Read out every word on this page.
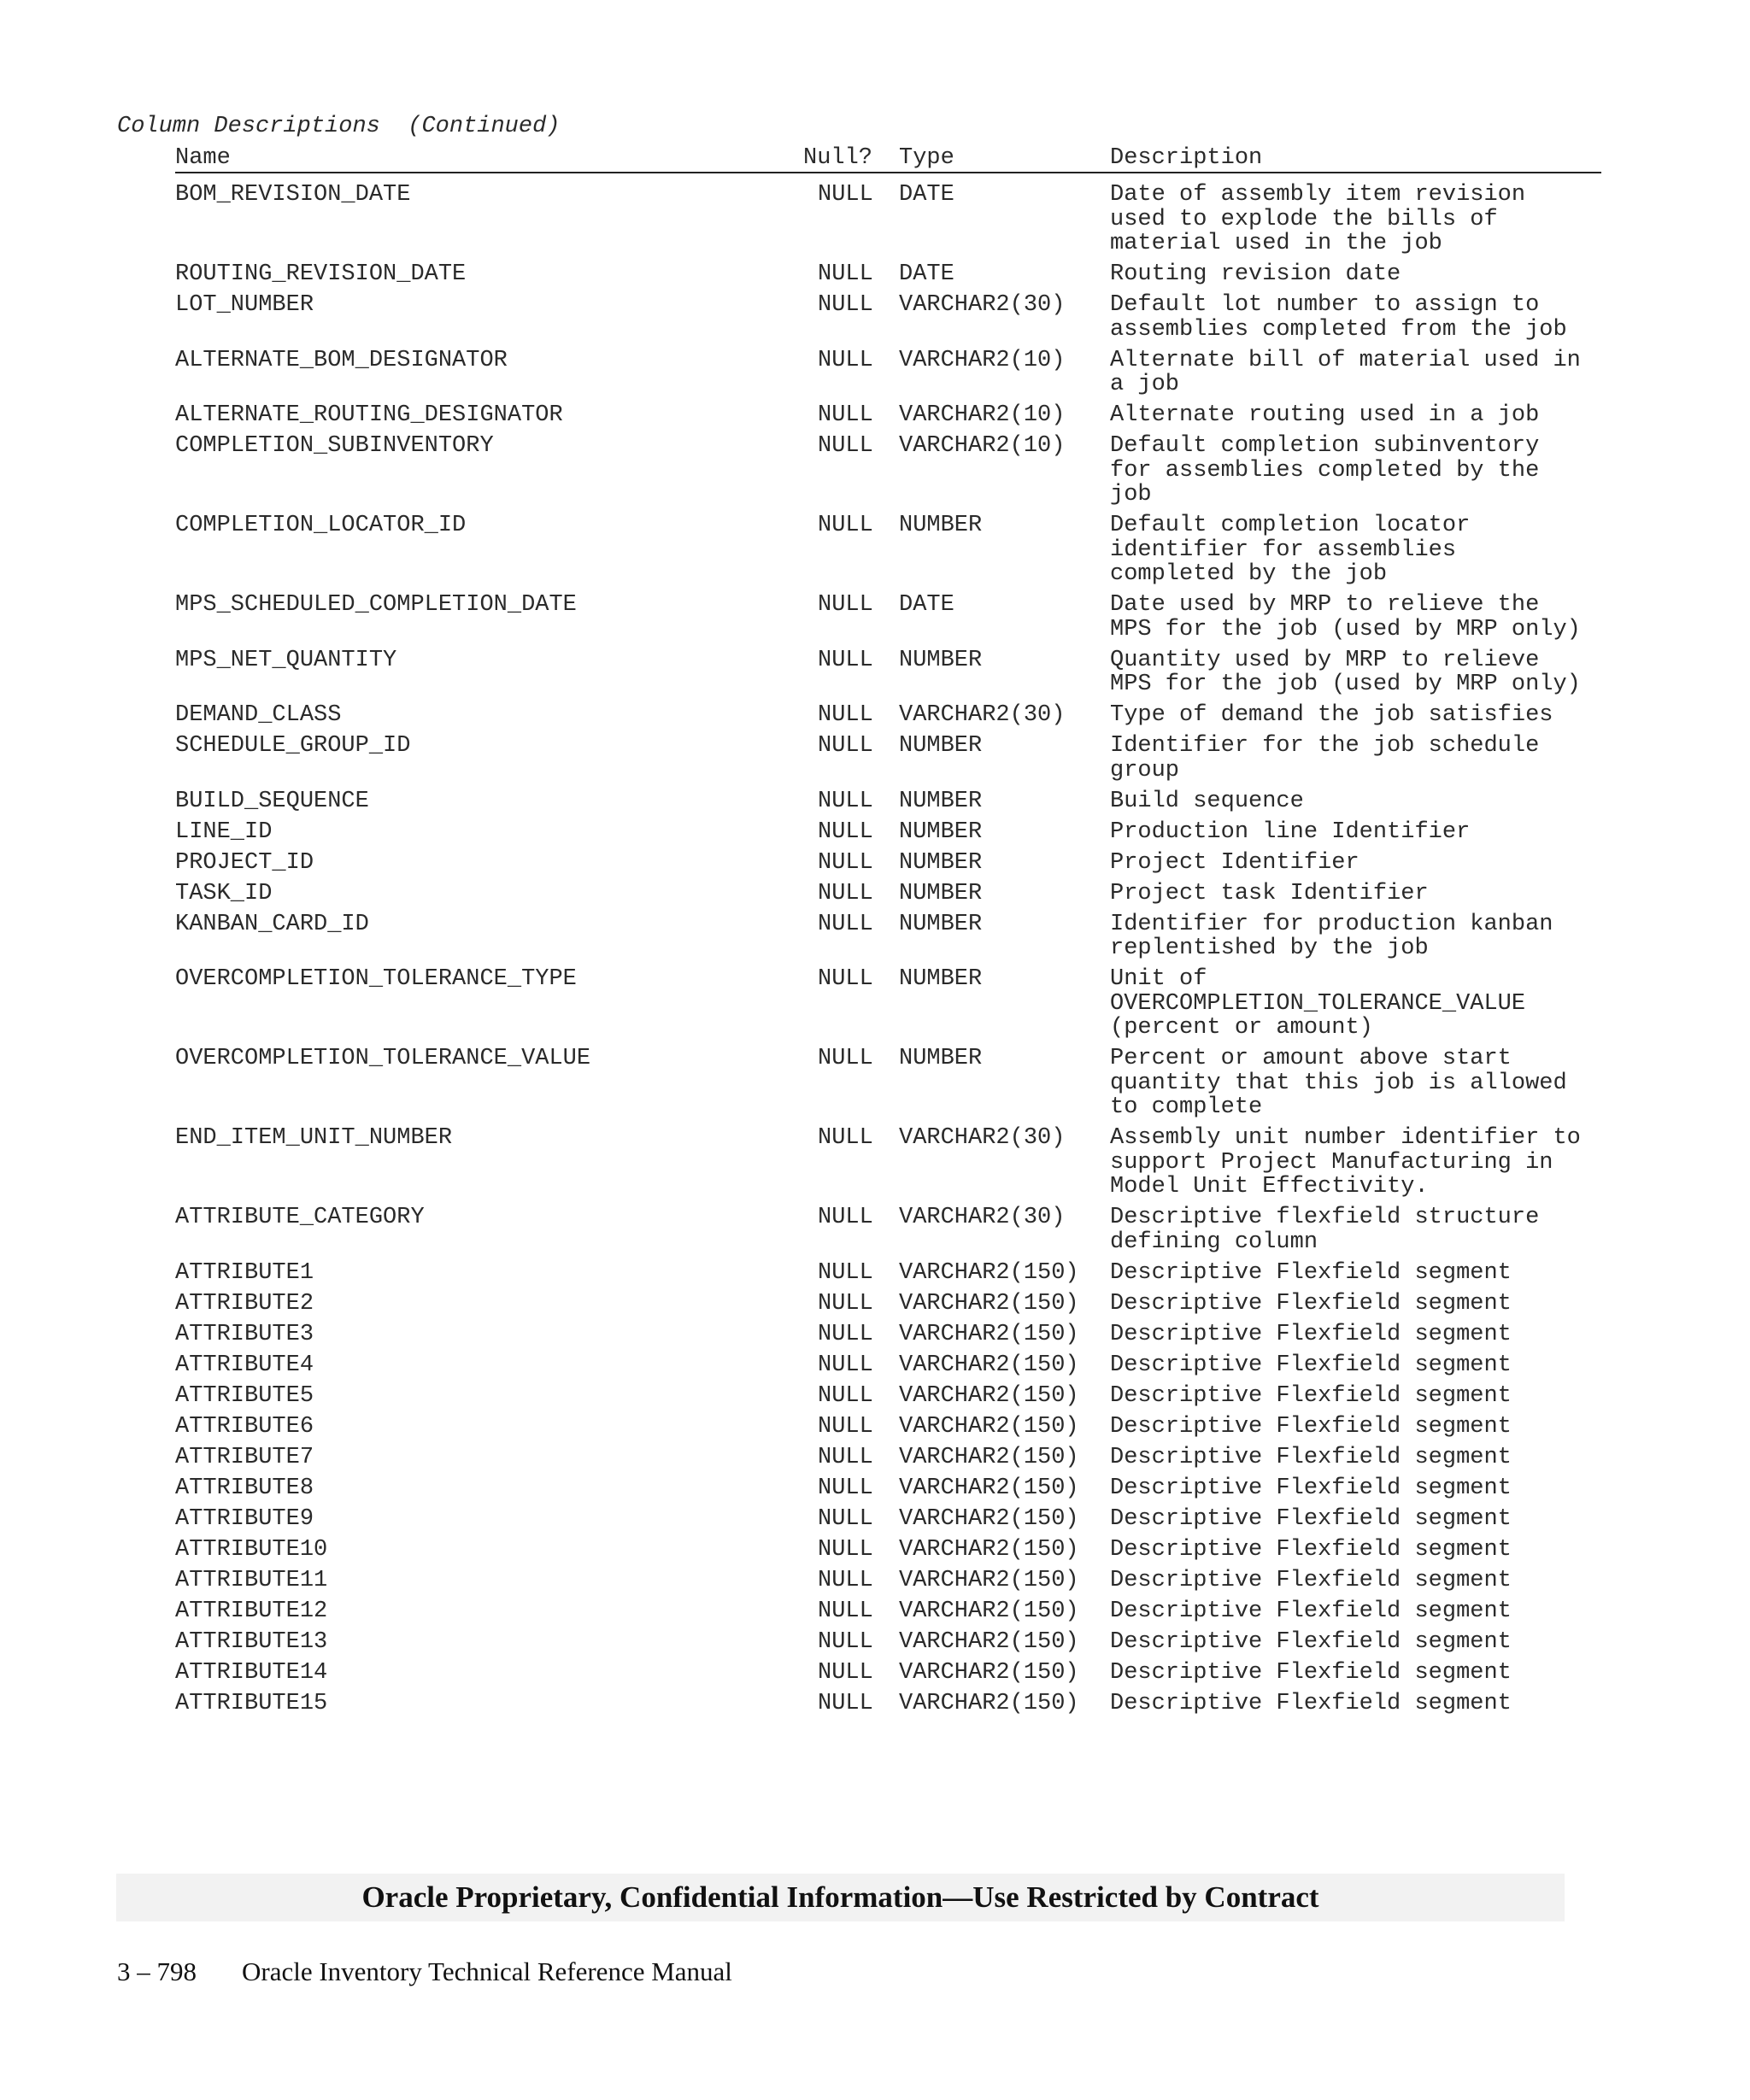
Column Descriptions  (Continued)
Name	Null? Type	Description
BOM_REVISION_DATE	NULL DATE	Date of assembly item revision used to explode the bills of material used in the job
ROUTING_REVISION_DATE	NULL DATE	Routing revision date
LOT_NUMBER	NULL VARCHAR2(30) Default lot number to assign to assemblies completed from the job
ALTERNATE_BOM_DESIGNATOR	NULL VARCHAR2(10) Alternate bill of material used in a job
ALTERNATE_ROUTING_DESIGNATOR	NULL VARCHAR2(10) Alternate routing used in a job
COMPLETION_SUBINVENTORY	NULL VARCHAR2(10) Default completion subinventory for assemblies completed by the job
COMPLETION_LOCATOR_ID	NULL NUMBER	Default completion locator identifier for assemblies completed by the job
MPS_SCHEDULED_COMPLETION_DATE	NULL DATE	Date used by MRP to relieve the MPS for the job (used by MRP only)
MPS_NET_QUANTITY	NULL NUMBER	Quantity used by MRP to relieve MPS for the job (used by MRP only)
DEMAND_CLASS	NULL VARCHAR2(30) Type of demand the job satisfies
SCHEDULE_GROUP_ID	NULL NUMBER	Identifier for the job schedule group
BUILD_SEQUENCE	NULL NUMBER	Build sequence
LINE_ID	NULL NUMBER	Production line Identifier
PROJECT_ID	NULL NUMBER	Project Identifier
TASK_ID	NULL NUMBER	Project task Identifier
KANBAN_CARD_ID	NULL NUMBER	Identifier for production kanban replentished by the job
OVERCOMPLETION_TOLERANCE_TYPE	NULL NUMBER	Unit of OVERCOMPLETION_TOLERANCE_VALUE (percent or amount)
OVERCOMPLETION_TOLERANCE_VALUE	NULL NUMBER	Percent or amount above start quantity that this job is allowed to complete
END_ITEM_UNIT_NUMBER	NULL VARCHAR2(30) Assembly unit number identifier to support Project Manufacturing in Model Unit Effectivity.
ATTRIBUTE_CATEGORY	NULL VARCHAR2(30) Descriptive flexfield structure defining column
ATTRIBUTE1	NULL VARCHAR2(150) Descriptive Flexfield segment
ATTRIBUTE2	NULL VARCHAR2(150) Descriptive Flexfield segment
ATTRIBUTE3	NULL VARCHAR2(150) Descriptive Flexfield segment
ATTRIBUTE4	NULL VARCHAR2(150) Descriptive Flexfield segment
ATTRIBUTE5	NULL VARCHAR2(150) Descriptive Flexfield segment
ATTRIBUTE6	NULL VARCHAR2(150) Descriptive Flexfield segment
ATTRIBUTE7	NULL VARCHAR2(150) Descriptive Flexfield segment
ATTRIBUTE8	NULL VARCHAR2(150) Descriptive Flexfield segment
ATTRIBUTE9	NULL VARCHAR2(150) Descriptive Flexfield segment
ATTRIBUTE10	NULL VARCHAR2(150) Descriptive Flexfield segment
ATTRIBUTE11	NULL VARCHAR2(150) Descriptive Flexfield segment
ATTRIBUTE12	NULL VARCHAR2(150) Descriptive Flexfield segment
ATTRIBUTE13	NULL VARCHAR2(150) Descriptive Flexfield segment
ATTRIBUTE14	NULL VARCHAR2(150) Descriptive Flexfield segment
ATTRIBUTE15	NULL VARCHAR2(150) Descriptive Flexfield segment
Oracle Proprietary, Confidential Information––Use Restricted by Contract

3 – 798

Oracle Inventory Technical Reference Manual
